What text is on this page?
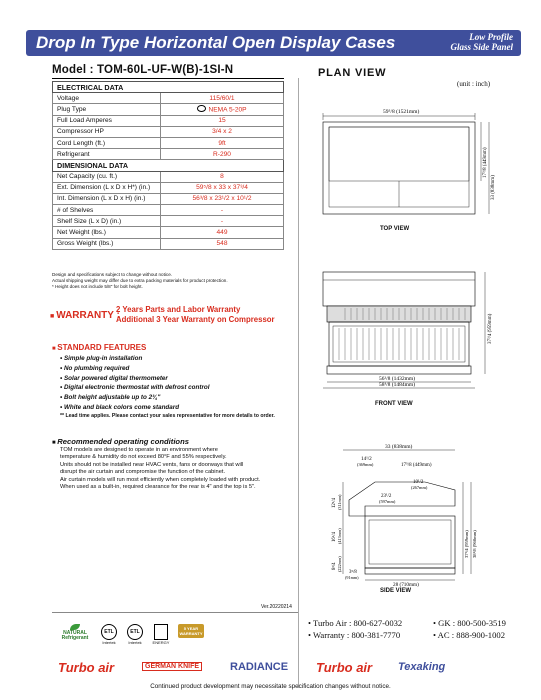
Drop In Type Horizontal Open Display Cases	Low Profile
Glass Side Panel
Model : TOM-60L-UF-W(B)-1SI-N	PLAN VIEW
(unit : inch)
ELECTRICAL DATA	
Voltage	115/60/1
Plug Type	NEMA 5-20P
Full Load Amperes	15
Compressor HP	3/4 x 2
Cord Length (ft.)	9ft
Refrigerant	R-290
DIMENSIONAL DATA	
Net Capacity (cu. ft.)	8
Ext. Dimension (L x D x H*) (in.)	59⁵/8 x 33 x 37³/4
Int. Dimension (L x D x H) (in.)	56³/8 x 23¹/2 x 10¹/2
# of Shelves	-
Shelf Size (L x D) (in.)	-
Net Weight (lbs.)	449
Gross Weight (lbs.)	548
Design and specifications subject to change without notice.
Actual shipping weight may differ due to extra packing materials for product protection.
* Height does not include 5/8" for bolt height.
■ WARRANTY :
2 Years Parts and Labor Warranty
Additional 3 Year Warranty on Compressor
■ STANDARD FEATURES
• Simple plug-in installation
• No plumbing required
• Solar powered digital thermometer
• Digital electronic thermostat with defrost control
• Bolt height adjustable up to 2¾"
• White and black colors come standard
** Lead time applies. Please contact your sales representative for more details to order.
■ Recommended operating conditions
TOM models are designed to operate in an environment where
temperature & humidity do not exceed 80°F and 55% respectively.
Units should not be installed near HVAC vents, fans or doorways that will
disrupt the air curtain and compromise the function of the cabinet.
Air curtain models will run most efficiently when completely loaded with product.
When used as a built-in, required clearance for the rear is 4" and the top is 5".
Ver.20220214
59⁵/8 (1521mm)
17⁵/8 (449mm)
33 (838mm)
TOP VIEW
56¹/8 (1432mm)
58³/8 (1484mm)
37³/4 (959mm)
FRONT VIEW
33 (838mm)
14¹/2
(369mm)	17⁵/8 (449mm)
10¹/2
(267mm)
23¹/2
(597mm)
12¹/4 (311mm)
16¹/4 (413mm)
8³/4 (222mm)
3⁵/8
(91mm)
28 (710mm)
37³/4 (959mm) 38¹/8 (968mm)
SIDE VIEW
NATURAL
Refrigerant
ETL
Intertek
ETL
Intertek	ENERGY
5 YEAR WARRANTY
• Turbo Air : 800-627-0032	• GK : 800-500-3519
• Warranty : 800-381-7770	• AC : 888-900-1002
Turbo air	GERMAN KNIFE	RADIANCE Turbo air Texaking
Continued product development may necessitate specification changes without notice.
